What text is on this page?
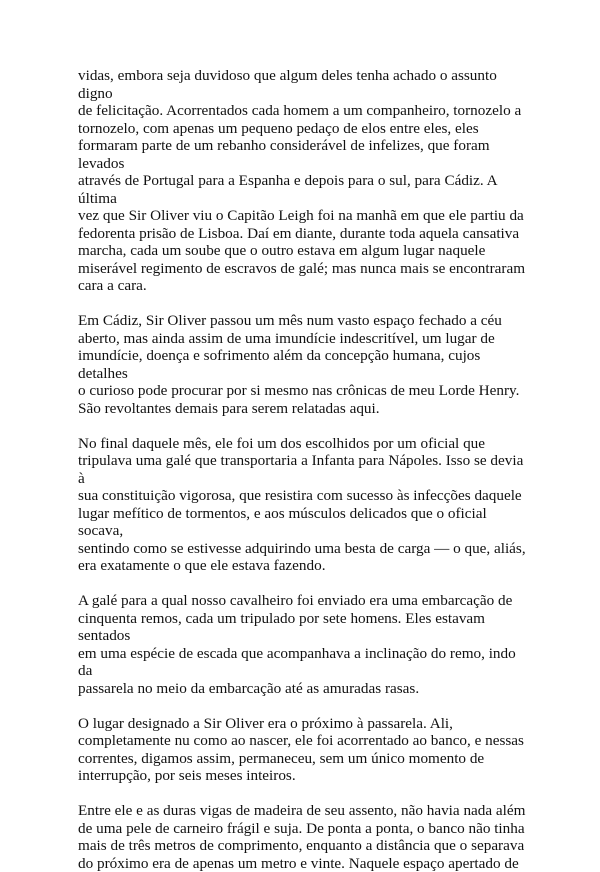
vidas, embora seja duvidoso que algum deles tenha achado o assunto digno
de felicitação. Acorrentados cada homem a um companheiro, tornozelo a
tornozelo, com apenas um pequeno pedaço de elos entre eles, eles
formaram parte de um rebanho considerável de infelizes, que foram levados
através de Portugal para a Espanha e depois para o sul, para Cádiz. A última
vez que Sir Oliver viu o Capitão Leigh foi na manhã em que ele partiu da
fedorenta prisão de Lisboa. Daí em diante, durante toda aquela cansativa
marcha, cada um soube que o outro estava em algum lugar naquele
miserável regimento de escravos de galé; mas nunca mais se encontraram
cara a cara.

Em Cádiz, Sir Oliver passou um mês num vasto espaço fechado a céu
aberto, mas ainda assim de uma imundície indescritível, um lugar de
imundície, doença e sofrimento além da concepção humana, cujos detalhes
o curioso pode procurar por si mesmo nas crônicas de meu Lorde Henry.
São revoltantes demais para serem relatadas aqui.

No final daquele mês, ele foi um dos escolhidos por um oficial que
tripulava uma galé que transportaria a Infanta para Nápoles. Isso se devia à
sua constituição vigorosa, que resistira com sucesso às infecções daquele
lugar mefítico de tormentos, e aos músculos delicados que o oficial socava,
sentindo como se estivesse adquirindo uma besta de carga — o que, aliás,
era exatamente o que ele estava fazendo.

A galé para a qual nosso cavalheiro foi enviado era uma embarcação de
cinquenta remos, cada um tripulado por sete homens. Eles estavam sentados
em uma espécie de escada que acompanhava a inclinação do remo, indo da
passarela no meio da embarcação até as amuradas rasas.

O lugar designado a Sir Oliver era o próximo à passarela. Ali,
completamente nu como ao nascer, ele foi acorrentado ao banco, e nessas
correntes, digamos assim, permaneceu, sem um único momento de
interrupção, por seis meses inteiros.

Entre ele e as duras vigas de madeira de seu assento, não havia nada além
de uma pele de carneiro frágil e suja. De ponta a ponta, o banco não tinha
mais de três metros de comprimento, enquanto a distância que o separava
do próximo era de apenas um metro e vinte. Naquele espaço apertado de
